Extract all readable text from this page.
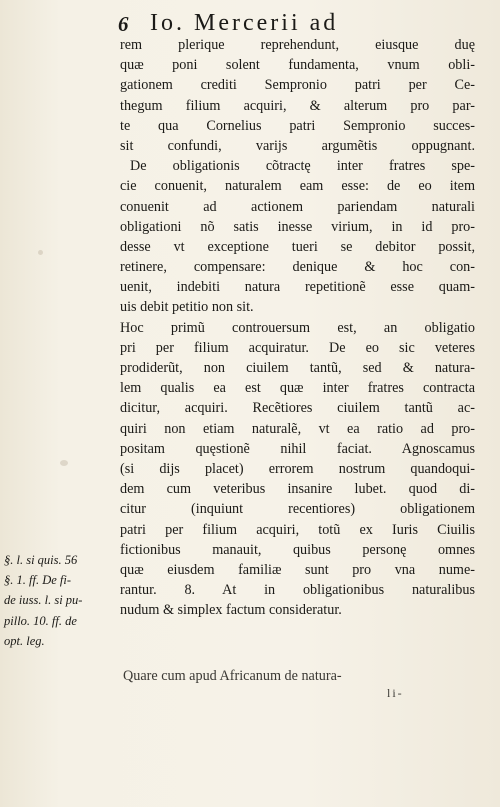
6 Io. Mercerii ad
rem plerique reprehendunt, eiusque duę
quæ poni solent fundamenta, vnum obli-
gationem crediti Sempronio patri per Ce-
thegum filium acquiri, & alterum pro par-
te qua Cornelius patri Sempronio succes-
sit confundi, varijs argumẽtis oppugnant.
De obligationis cõtractę inter fratres spe-
cie conuenit, naturalem eam esse: de eo item
conuenit ad actionem pariendam naturali
obligationi nõ satis inesse virium, in id pro-
desse vt exceptione tueri se debitor possit,
retinere, compensare: denique & hoc con-
uenit, indebiti natura repetitionẽ esse quam-
uis debit petitio non sit.
Hoc primũ controuersum est, an obligatio
pri per filium acquiratur. De eo sic veteres
prodiderũt, non ciuilem tantũ, sed & natura-
lem qualis ea est quæ inter fratres contracta
dicitur, acquiri. Recẽtiores ciuilem tantũ ac-
quiri non etiam naturalẽ, vt ea ratio ad pro-
positam quęstionẽ nihil faciat. Agnoscamus
(si dijs placet) errorem nostrum quandoqui-
dem cum veteribus insanire lubet. quod di-
citur (inquiunt recentiores) obligationem
patri per filium acquiri, totũ ex Iuris Ciuilis
fictionibus manauit, quibus personę omnes
quæ eiusdem familiæ sunt pro vna nume-
rantur. 8. At in obligationibus naturalibus
nudum & simplex factum consideratur.
§. l. si quis. 56
§. 1. ff. De fi-
de iuss. l. si pu-
pillo. 10. ff. de
opt. leg.
Quare cum apud Africanum de natura-
li-
